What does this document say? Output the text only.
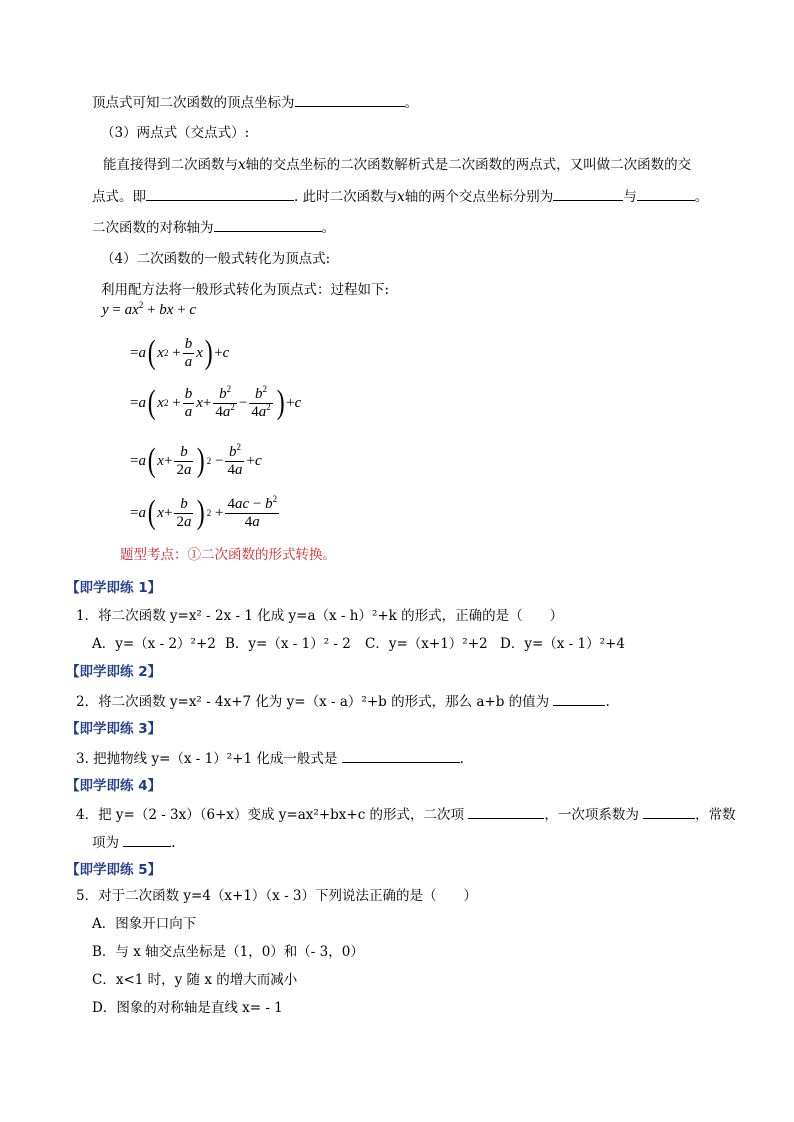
顶点式可知二次函数的顶点坐标为	。
（3）两点式（交点式）:
能直接得到二次函数与x轴的交点坐标的二次函数解析式是二次函数的两点式，又叫做二次函数的交
点式。即	. 此时二次函数与x轴的两个交点坐标分别为	与	。
二次函数的对称轴为	。
（4）二次函数的一般式转化为顶点式:
利用配方法将一般形式转化为顶点式：过程如下:
$y = ax^2$ + bx + c
= a ( x $2 + \frac{b}{a}$ x ) + c
= a ( x $2 + \frac{b}{a}$ $x + \frac{b^2}{4a^2} - \frac{b^2}{4a^2}$ ) + c
= a ( $x + \frac{b}{2a}$ ) $2 - \frac{b^2}{4a} + c$
= a ( $x + \frac{b}{2a}$ ) $2 + \frac{4ac - b^2}{4a}$
题型考点：①二次函数的形式转换。
【即学即练 1】
1．将二次函数 y=x² - 2x - 1 化成 y=a（x - h）²+k 的形式，正确的是（　　）
A．y=（x - 2）²+2 B．y=（x - 1）² - 2 C．y=（x+1）²+2 D．y=（x - 1）²+4
【即学即练 2】
2．将二次函数 y=x² - 4x+7 化为 y=（x - a）²+b 的形式，那么 a+b 的值为	.
【即学即练 3】
3. 把抛物线 y=（x - 1）²+1 化成一般式是	.
【即学即练 4】
4．把 y=（2 - 3x）（6+x）变成 y=ax²+bx+c 的形式，二次项	，一次项系数为	，常数
项为	.
【即学即练 5】
5．对于二次函数 y=4（x+1）（x - 3）下列说法正确的是（　　）
A．图象开口向下
B．与 x 轴交点坐标是（1，0）和（- 3，0）
C．x<1 时，y 随 x 的增大而减小
D．图象的对称轴是直线 x= - 1
